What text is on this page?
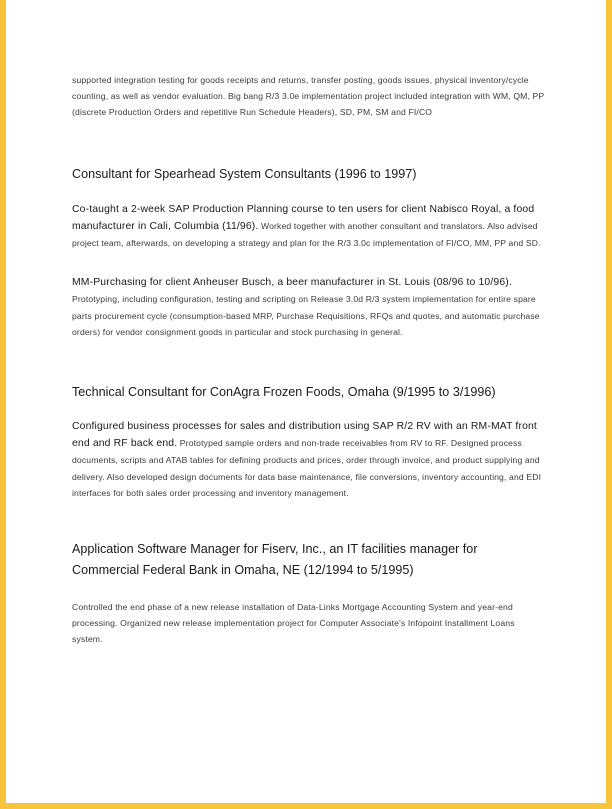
supported integration testing for goods receipts and returns, transfer posting, goods issues, physical inventory/cycle counting, as well as vendor evaluation. Big bang R/3 3.0e implementation project included integration with WM, QM, PP (discrete Production Orders and repetitive Run Schedule Headers), SD, PM, SM and FI/CO

Consultant for Spearhead System Consultants (1996 to 1997)

Co-taught a 2-week SAP Production Planning course to ten users for client Nabisco Royal, a food manufacturer in Cali, Columbia (11/96). Worked together with another consultant and translators. Also advised project team, afterwards, on developing a strategy and plan for the R/3 3.0c implementation of FI/CO, MM, PP and SD.

MM-Purchasing for client Anheuser Busch, a beer manufacturer in St. Louis (08/96 to 10/96). Prototyping, including configuration, testing and scripting on Release 3.0d R/3 system implementation for entire spare parts procurement cycle (consumption-based MRP, Purchase Requisitions, RFQs and quotes, and automatic purchase orders) for vendor consignment goods in particular and stock purchasing in general.

Technical Consultant for ConAgra Frozen Foods, Omaha (9/1995 to 3/1996)

Configured business processes for sales and distribution using SAP R/2 RV with an RM-MAT front end and RF back end. Prototyped sample orders and non-trade receivables from RV to RF. Designed process documents, scripts and ATAB tables for defining products and prices, order through invoice, and product supplying and delivery. Also developed design documents for data base maintenance, file conversions, inventory accounting, and EDI interfaces for both sales order processing and inventory management.

Application Software Manager for Fiserv, Inc., an IT facilities manager for Commercial Federal Bank in Omaha, NE (12/1994 to 5/1995)

Controlled the end phase of a new release installation of Data-Links Mortgage Accounting System and year-end processing. Organized new release implementation project for Computer Associate's Infopoint Installment Loans system.
